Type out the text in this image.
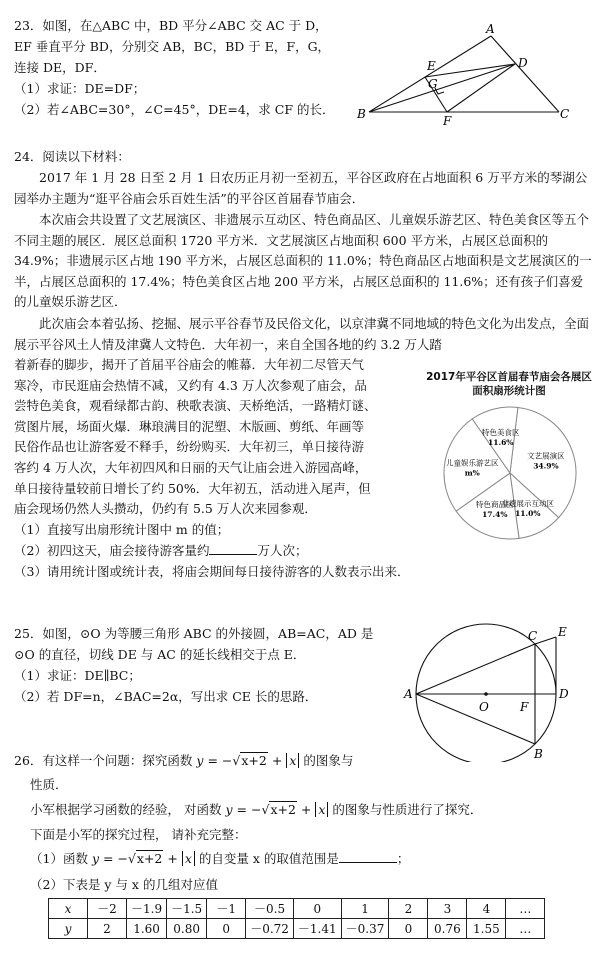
23．如图，在△ABC 中，BD 平分∠ABC 交 AC 于 D，
EF 垂直平分 BD，分别交 AB，BC，BD 于 E，F，G，
连接 DE，DF．
（1）求证：DE=DF；
（2）若∠ABC=30°，∠C=45°，DE=4，求 CF 的长．
A
B	C
D
E
F
G
24．阅读以下材料：
2017 年 1 月 28 日至 2 月 1 日农历正月初一至初五，平谷区政府在占地面积 6 万平方米的琴湖公园举办主题为“逛平谷庙会乐百姓生活”的平谷区首届春节庙会．
本次庙会共设置了文艺展演区、非遗展示互动区、特色商品区、儿童娱乐游艺区、特色美食区等五个不同主题的展区．展区总面积 1720 平方米．文艺展演区占地面积 600 平方米，占展区总面积的 34.9%；非遗展示区占地 190 平方米，占展区总面积的 11.0%；特色商品区占地面积是文艺展演区的一半，占展区总面积的 17.4%；特色美食区占地 200 平方米，占展区总面积的 11.6%；还有孩子们喜爱的儿童娱乐游艺区．
此次庙会本着弘扬、挖掘、展示平谷春节及民俗文化，以京津冀不同地域的特色文化为出发点，全面展示平谷风土人情及津冀人文特色．大年初一，来自全国各地的约 3.2 万人踏
着新春的脚步，揭开了首届平谷庙会的帷幕．大年初二尽管天气
寒冷，市民逛庙会热情不减，又约有 4.3 万人次参观了庙会，品
尝特色美食，观看绿都古韵、秧歌表演、天桥绝活，一路精灯谜、
赏图片展，场面火爆．琳琅满目的泥塑、木版画、剪纸、年画等
民俗作品也让游客爱不释手，纷纷购买．大年初三，单日接待游
客约 4 万人次，大年初四风和日丽的天气让庙会进入游园高峰，
单日接待量较前日增长了约 50%．大年初五，活动进入尾声，但
庙会现场仍然人头攒动，仍约有 5.5 万人次来园参观．
（1）直接写出扇形统计图中 m 的值；
（2）初四这天，庙会接待游客量约	万人次；
（3）请用统计图或统计表，将庙会期间每日接待游客的人数表示出来．
2017年平谷区首届春节庙会各展区面积扇形统计图
文艺展演区
34.9%
非遗展示互动区
11.0%
特色商品区
17.4%
儿童娱乐游艺区
m%
特色美食区
11.6%
25．如图，⊙O 为等腰三角形 ABC 的外接圆，AB=AC，AD 是
⊙O 的直径，切线 DE 与 AC 的延长线相交于点 E．
（1）求证：DE∥BC；
（2）若 DF=n，∠BAC=2α，写出求 CE 长的思路．	A
C E
D
O	F
B
26．有这样一个问题：探究函数 y = −√x+2 + x 的图象与
性质．
小军根据学习函数的经验， 对函数 y = −√x+2 + x 的图象与性质进行了探究．
下面是小军的探究过程， 请补充完整：
（1）函数 y = −√x+2 + x 的自变量 x 的取值范围是	；
（2）下表是 y 与 x 的几组对应值
x	－2	－1.9	－1.5	－1	－0.5	0	1	2	3	4	…
y	2	1.60	0.80	0	－0.72	－1.41	－0.37	0	0.76	1.55	…
